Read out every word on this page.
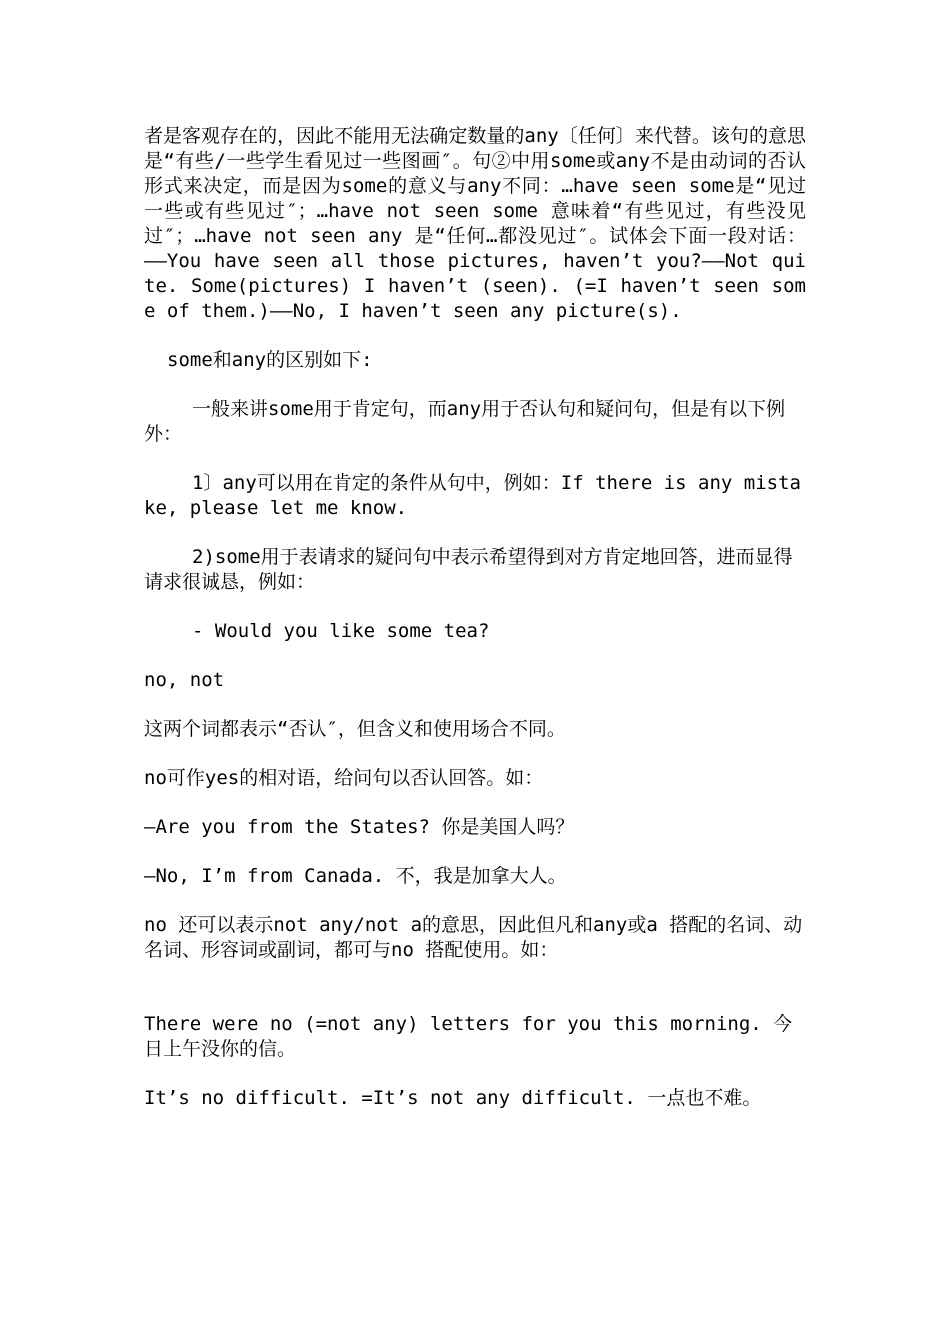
者是客观存在的，因此不能用无法确定数量的any〔任何〕来代替。该句的意思是“有些/一些学生看见过一些图画″。句②中用some或any不是由动词的否认形式来决定，而是因为some的意义与any不同：…have seen some是“见过一些或有些见过″；…have not seen some 意味着“有些见过，有些没见过″；…have not seen any 是“任何…都没见过″。试体会下面一段对话：——You have seen all those pictures, haven’t you?——Not quite. Some(pictures) I haven’t (seen). (=I haven’t seen some of them.)——No, I haven’t seen any picture(s).

some和any的区别如下:

一般来讲some用于肯定句，而any用于否认句和疑问句，但是有以下例外：

1〕any可以用在肯定的条件从句中，例如：If there is any mistake, please let me know.

2)some用于表请求的疑问句中表示希望得到对方肯定地回答，进而显得请求很诚恳，例如：

- Would you like some tea?

no, not

这两个词都表示“否认″，但含义和使用场合不同。

no可作yes的相对语，给问句以否认回答。如：

—Are you from the States? 你是美国人吗？

—No, I’m from Canada. 不，我是加拿大人。

no 还可以表示not any/not a的意思，因此但凡和any或a 搭配的名词、动名词、形容词或副词，都可与no 搭配使用。如：

There were no (=not any) letters for you this morning. 今日上午没你的信。

It’s no difficult. =It’s not any difficult. 一点也不难。
